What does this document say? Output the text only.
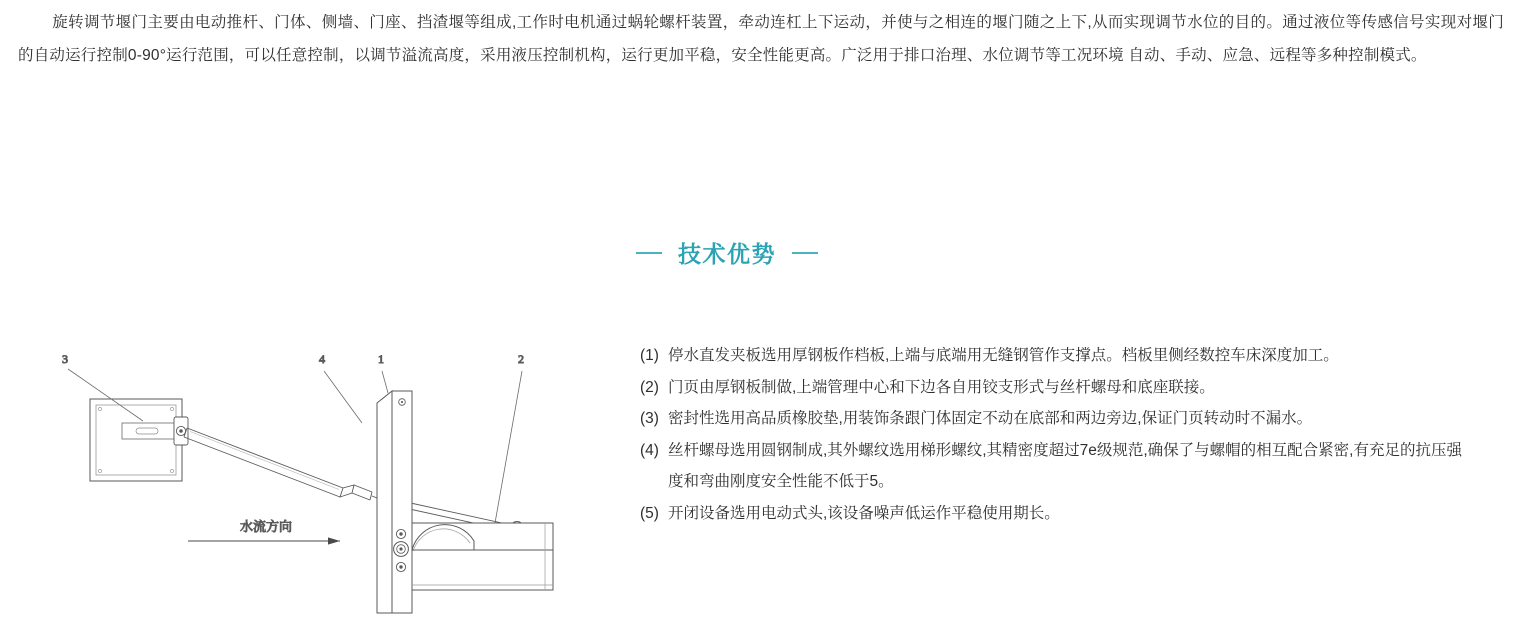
旋转调节堰门主要由电动推杆、门体、侧墙、门座、挡渣堰等组成,工作时电机通过蜗轮螺杆装置，牵动连杠上下运动，并使与之相连的堰门随之上下,从而实现调节水位的目的。通过液位等传感信号实现对堰门的自动运行控制0-90°运行范围，可以任意控制，以调节溢流高度，采用液压控制机构，运行更加平稳，安全性能更高。广泛用于排口治理、水位调节等工况环境 自动、手动、应急、远程等多种控制模式。
技术优势
(1) 停水直发夹板选用厚钢板作档板,上端与底端用无缝钢管作支撑点。档板里侧经数控车床深度加工。
(2) 门页由厚钢板制做,上端管理中心和下边各自用铰支形式与丝杆螺母和底座联接。
(3) 密封性选用高品质橡胶垫,用装饰条跟门体固定不动在底部和两边旁边,保证门页转动时不漏水。
(4) 丝杆螺母选用圆钢制成,其外螺纹选用梯形螺纹,其精密度超过7e级规范,确保了与螺帽的相互配合紧密,有充足的抗压强度和弯曲刚度安全性能不低于5。
(5) 开闭设备选用电动式头,该设备噪声低运作平稳使用期长。
水流方向
3	4	1	2
